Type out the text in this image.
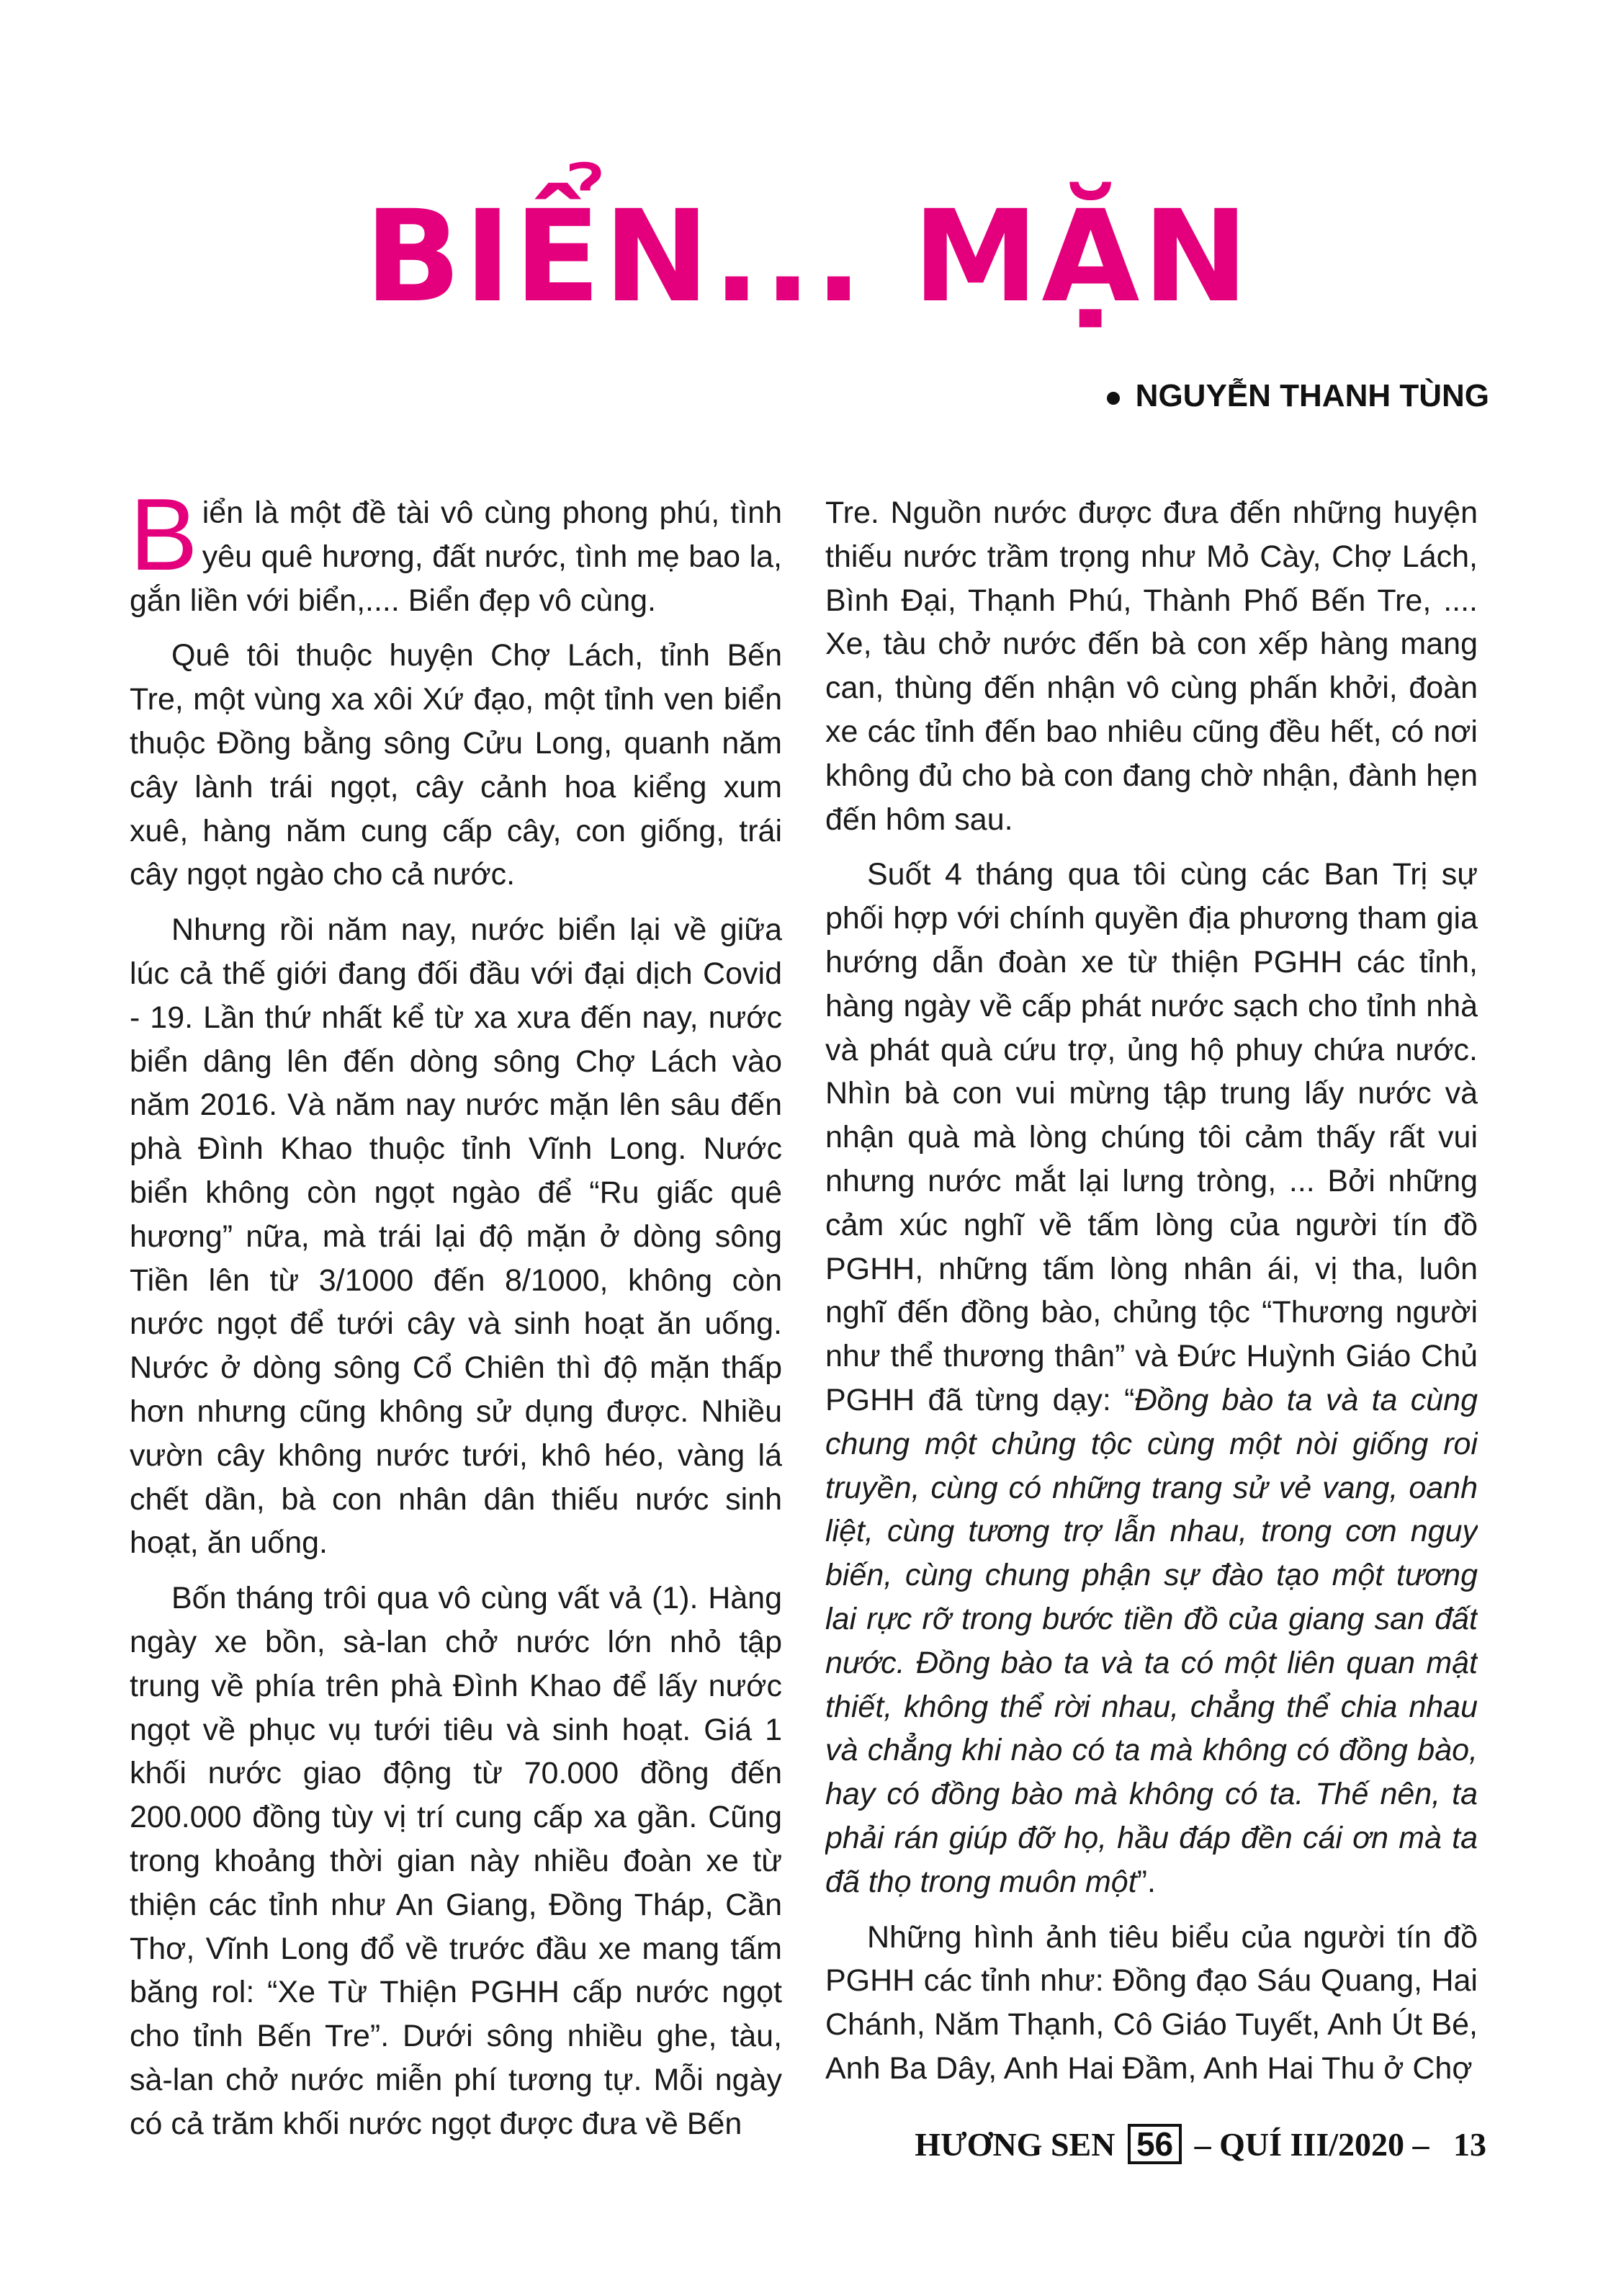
BIỂN... MẶN
NGUYỄN THANH TÙNG

Biển là một đề tài vô cùng phong phú, tình yêu quê hương, đất nước, tình mẹ bao la, gắn liền với biển,.... Biển đẹp vô cùng.

Quê tôi thuộc huyện Chợ Lách, tỉnh Bến Tre, một vùng xa xôi Xứ đạo, một tỉnh ven biển thuộc Đồng bằng sông Cửu Long, quanh năm cây lành trái ngọt, cây cảnh hoa kiểng xum xuê, hàng năm cung cấp cây, con giống, trái cây ngọt ngào cho cả nước.

Nhưng rồi năm nay, nước biển lại về giữa lúc cả thế giới đang đối đầu với đại dịch Covid - 19. Lần thứ nhất kể từ xa xưa đến nay, nước biển dâng lên đến dòng sông Chợ Lách vào năm 2016. Và năm nay nước mặn lên sâu đến phà Đình Khao thuộc tỉnh Vĩnh Long. Nước biển không còn ngọt ngào để “Ru giấc quê hương” nữa, mà trái lại độ mặn ở dòng sông Tiền lên từ 3/1000 đến 8/1000, không còn nước ngọt để tưới cây và sinh hoạt ăn uống. Nước ở dòng sông Cổ Chiên thì độ mặn thấp hơn nhưng cũng không sử dụng được. Nhiều vườn cây không nước tưới, khô héo, vàng lá chết dần, bà con nhân dân thiếu nước sinh hoạt, ăn uống.

Bốn tháng trôi qua vô cùng vất vả (1). Hàng ngày xe bồn, sà-lan chở nước lớn nhỏ tập trung về phía trên phà Đình Khao để lấy nước ngọt về phục vụ tưới tiêu và sinh hoạt. Giá 1 khối nước giao động từ 70.000 đồng đến 200.000 đồng tùy vị trí cung cấp xa gần. Cũng trong khoảng thời gian này nhiều đoàn xe từ thiện các tỉnh như An Giang, Đồng Tháp, Cần Thơ, Vĩnh Long đổ về trước đầu xe mang tấm băng rol: “Xe Từ Thiện PGHH cấp nước ngọt cho tỉnh Bến Tre”. Dưới sông nhiều ghe, tàu, sà-lan chở nước miễn phí tương tự. Mỗi ngày có cả trăm khối nước ngọt được đưa về Bến

Tre. Nguồn nước được đưa đến những huyện thiếu nước trầm trọng như Mỏ Cày, Chợ Lách, Bình Đại, Thạnh Phú, Thành Phố Bến Tre, .... Xe, tàu chở nước đến bà con xếp hàng mang can, thùng đến nhận vô cùng phấn khởi, đoàn xe các tỉnh đến bao nhiêu cũng đều hết, có nơi không đủ cho bà con đang chờ nhận, đành hẹn đến hôm sau.

Suốt 4 tháng qua tôi cùng các Ban Trị sự phối hợp với chính quyền địa phương tham gia hướng dẫn đoàn xe từ thiện PGHH các tỉnh, hàng ngày về cấp phát nước sạch cho tỉnh nhà và phát quà cứu trợ, ủng hộ phuy chứa nước. Nhìn bà con vui mừng tập trung lấy nước và nhận quà mà lòng chúng tôi cảm thấy rất vui nhưng nước mắt lại lưng tròng, ... Bởi những cảm xúc nghĩ về tấm lòng của người tín đồ PGHH, những tấm lòng nhân ái, vị tha, luôn nghĩ đến đồng bào, chủng tộc “Thương người như thể thương thân” và Đức Huỳnh Giáo Chủ PGHH đã từng dạy: “Đồng bào ta và ta cùng chung một chủng tộc cùng một nòi giống roi truyền, cùng có những trang sử vẻ vang, oanh liệt, cùng tương trợ lẫn nhau, trong cơn nguy biến, cùng chung phận sự đào tạo một tương lai rực rỡ trong bước tiền đồ của giang san đất nước. Đồng bào ta và ta có một liên quan mật thiết, không thể rời nhau, chẳng thể chia nhau và chẳng khi nào có ta mà không có đồng bào, hay có đồng bào mà không có ta. Thế nên, ta phải rán giúp đỡ họ, hầu đáp đền cái ơn mà ta đã thọ trong muôn một”.

Những hình ảnh tiêu biểu của người tín đồ PGHH các tỉnh như: Đồng đạo Sáu Quang, Hai Chánh, Năm Thạnh, Cô Giáo Tuyết, Anh Út Bé, Anh Ba Dây, Anh Hai Đầm, Anh Hai Thu ở Chợ

HƯƠNG SEN 56 – QUÍ III/2020 – 13
